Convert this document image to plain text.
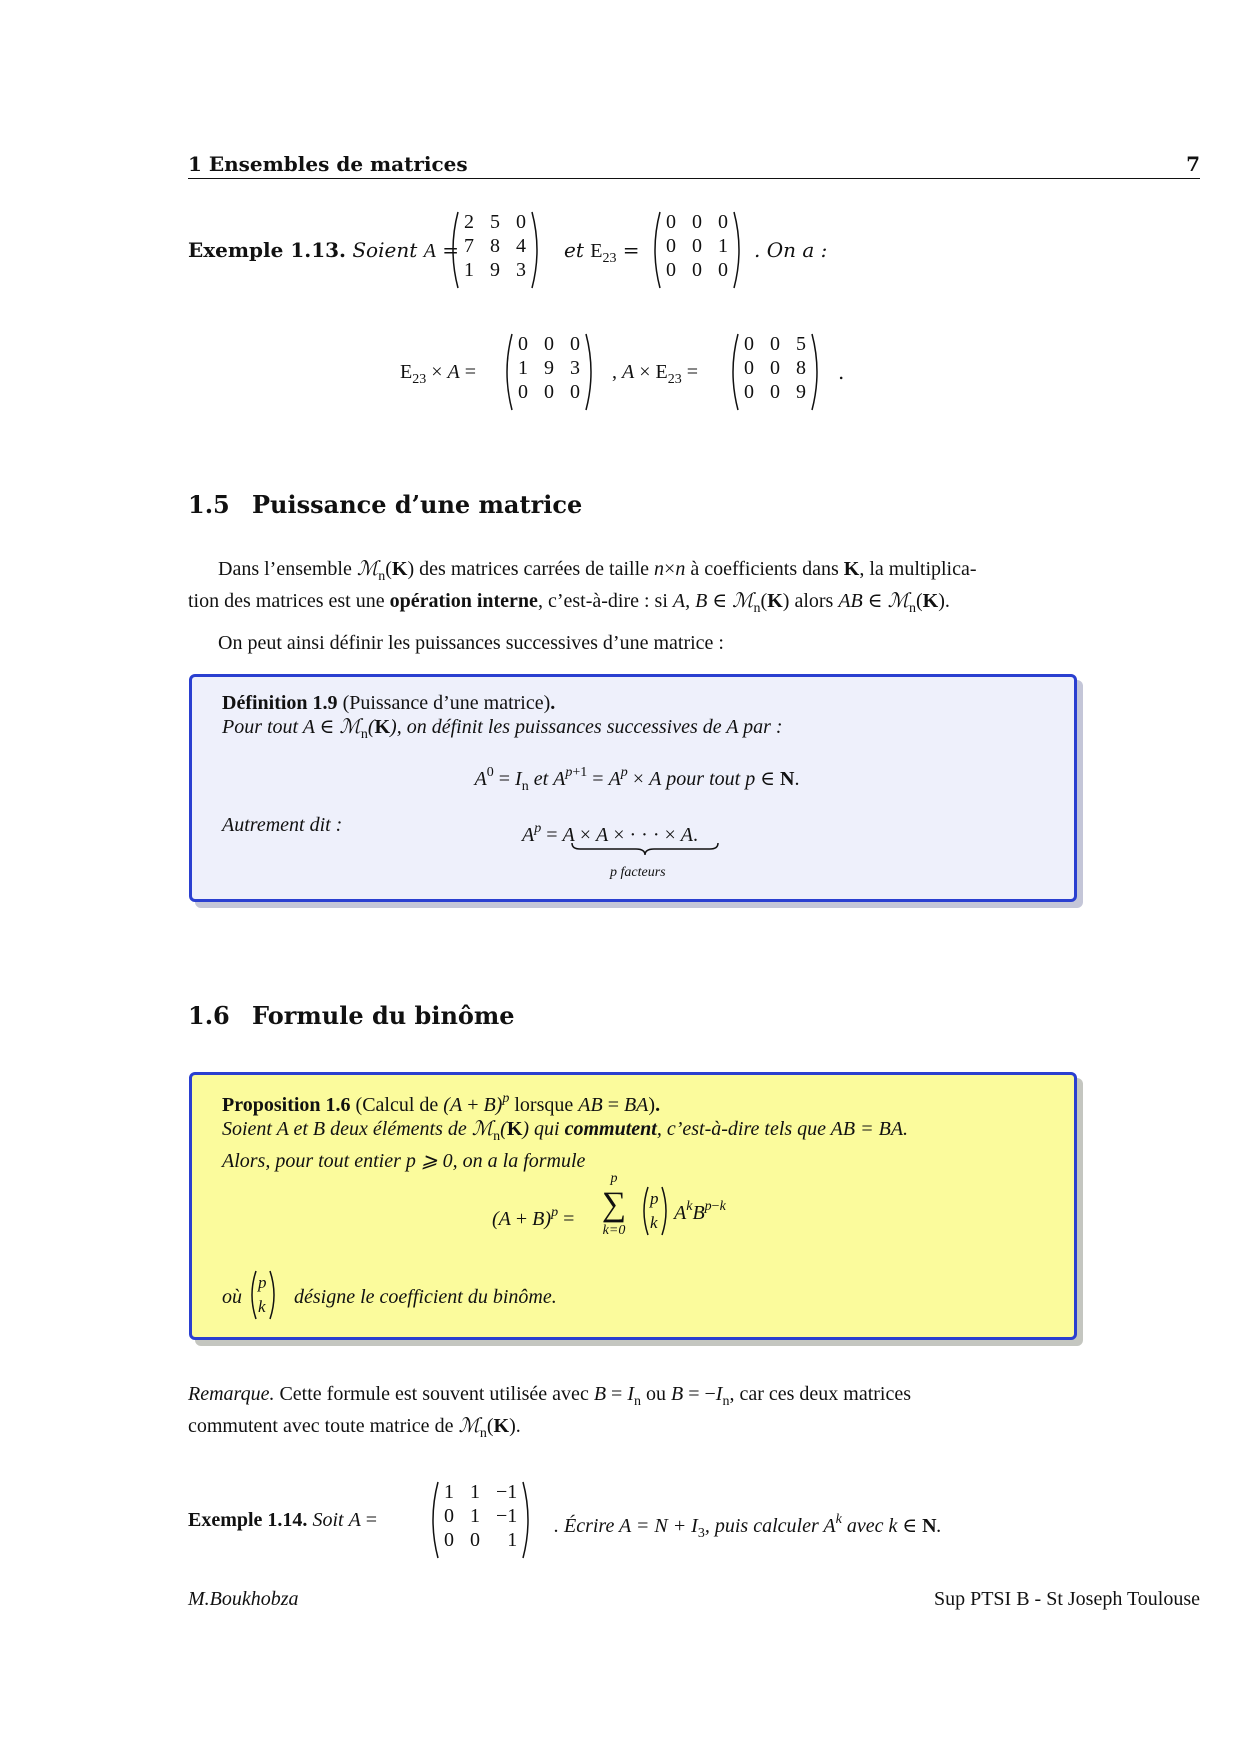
1 Ensembles de matrices	7
Exemple 1.13. Soient A =
2	5	0
7	8	4
1	9	3
et $E_{23}$ =
0	0	0
0	0	1
0	0	0
. On a :
$E_{23} \times A$ =
0	0	0
1	9	3
0	0	0
, $A \times E_{23}$ =
0	0	5
0	0	8
0	0	9
.
1.5 Puissance d’une matrice
Dans l’ensemble ℳ$_n$(K) des matrices carrées de taille n×n à coefficients dans K, la multiplica-
tion des matrices est une opération interne, c’est-à-dire : si A, B ∈ ℳ$_n$(K) alors AB ∈ ℳ$_n$(K).
On peut ainsi définir les puissances successives d’une matrice :
Définition 1.9 (Puissance d’une matrice).
Pour tout A ∈ ℳ$_n$(K), on définit les puissances successives de A par :
$A^0 = I_n$ et $A^{p+1} = A^p \times A$ pour tout p ∈ N.
Autrement dit :	$A^p = A \times A$ × · · · × A.
p facteurs
1.6 Formule du binôme
Proposition 1.6 (Calcul de $(A + B)^p$ lorsque AB = BA).
Soient A et B deux éléments de ℳ$_n$(K) qui commutent, c’est-à-dire tels que AB = BA.
Alors, pour tout entier p ⩾ 0, on a la formule
$(A + B)^p$ =
p
∑
k=0
p
k $A^kB^{p-k}$
où
p
k désigne le coefficient du binôme.
Remarque. Cette formule est souvent utilisée avec $B = I_n$ ou $B = -I_n$, car ces deux matrices
commutent avec toute matrice de ℳ$_n$(K).
Exemple 1.14. Soit A =
1	1	−1
0	1	−1
0	0	1
. Écrire $A = N + I_3$, puis calculer $A^k$ avec k ∈ N.
M.Boukhobza	Sup PTSI B - St Joseph Toulouse
